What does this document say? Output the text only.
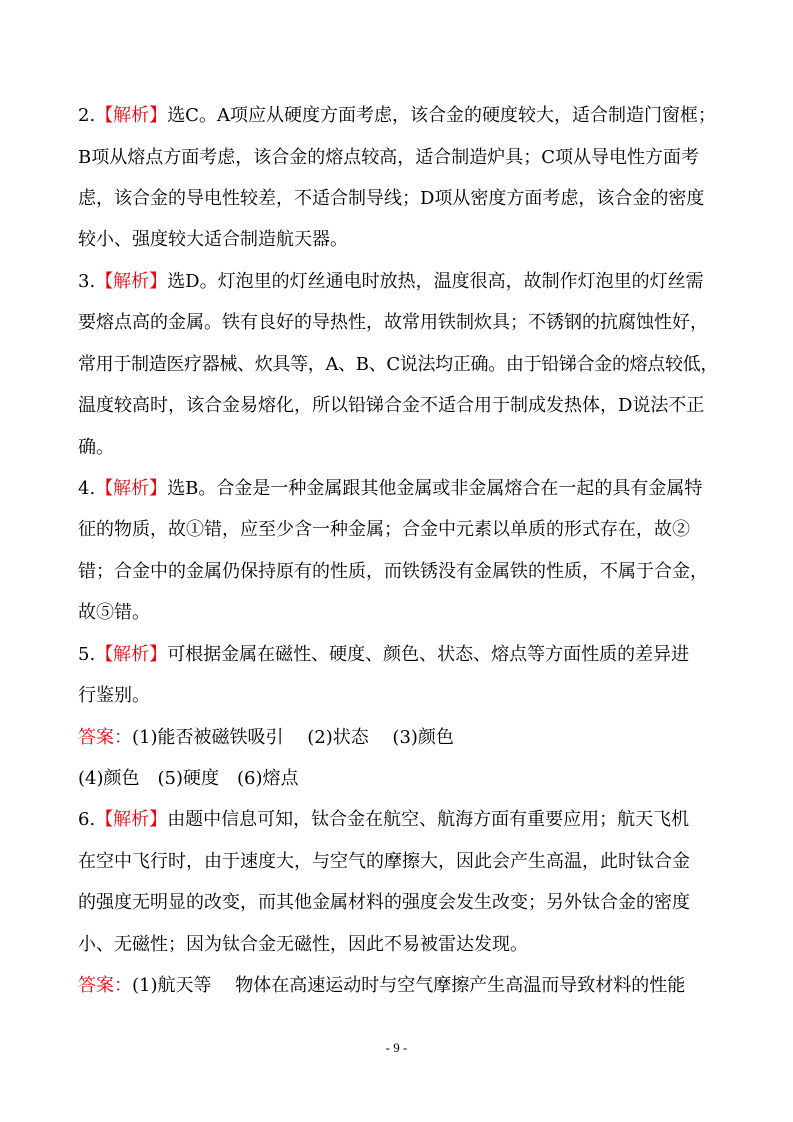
2.【解析】选C。A项应从硬度方面考虑，该合金的硬度较大，适合制造门窗框；
B项从熔点方面考虑，该合金的熔点较高，适合制造炉具；C项从导电性方面考
虑，该合金的导电性较差，不适合制导线；D项从密度方面考虑，该合金的密度
较小、强度较大适合制造航天器。
3.【解析】选D。灯泡里的灯丝通电时放热，温度很高，故制作灯泡里的灯丝需
要熔点高的金属。铁有良好的导热性，故常用铁制炊具；不锈钢的抗腐蚀性好，
常用于制造医疗器械、炊具等，A、B、C说法均正确。由于铅锑合金的熔点较低，
温度较高时，该合金易熔化，所以铅锑合金不适合用于制成发热体，D说法不正
确。
4.【解析】选B。合金是一种金属跟其他金属或非金属熔合在一起的具有金属特
征的物质，故①错，应至少含一种金属；合金中元素以单质的形式存在，故②
错；合金中的金属仍保持原有的性质，而铁锈没有金属铁的性质，不属于合金，
故⑤错。
5.【解析】可根据金属在磁性、硬度、颜色、状态、熔点等方面性质的差异进
行鉴别。
答案：(1)能否被磁铁吸引　 (2)状态　 (3)颜色
(4)颜色　(5)硬度　(6)熔点
6.【解析】由题中信息可知，钛合金在航空、航海方面有重要应用；航天飞机
在空中飞行时，由于速度大，与空气的摩擦大，因此会产生高温，此时钛合金
的强度无明显的改变，而其他金属材料的强度会发生改变；另外钛合金的密度
小、无磁性；因为钛合金无磁性，因此不易被雷达发现。
答案：(1)航天等　 物体在高速运动时与空气摩擦产生高温而导致材料的性能
- 9 -
